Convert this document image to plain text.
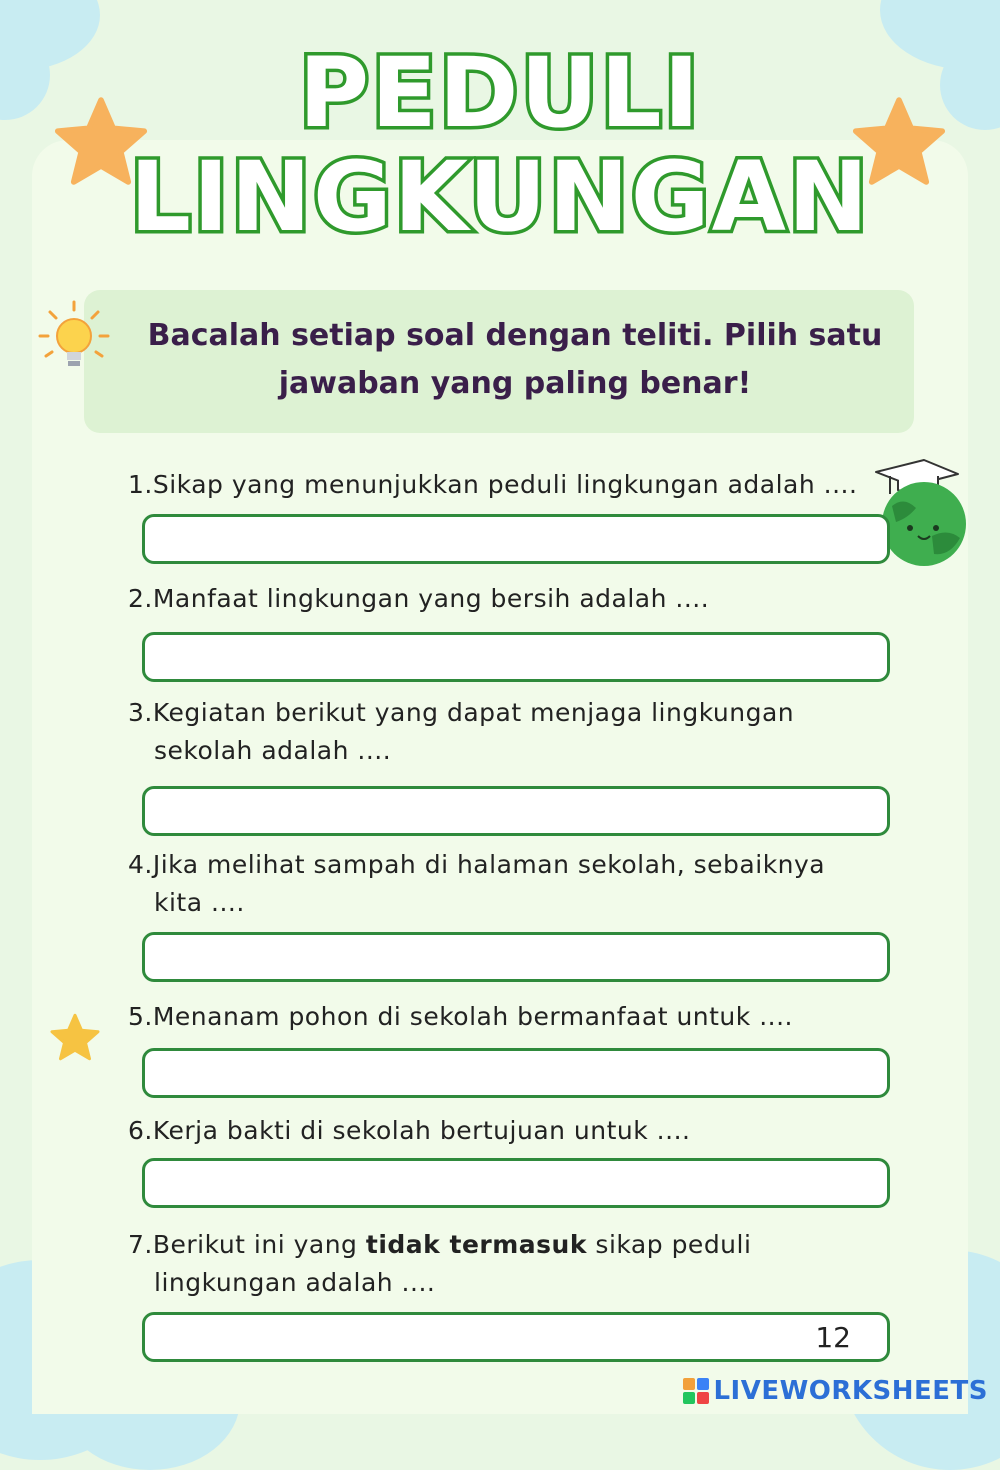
PEDULI
LINGKUNGAN
Bacalah setiap soal dengan teliti. Pilih satu jawaban yang paling benar!
1.Sikap yang menunjukkan peduli lingkungan adalah ....
2.Manfaat lingkungan yang bersih adalah ....
3.Kegiatan berikut yang dapat menjaga lingkungan
sekolah adalah ....
4.Jika melihat sampah di halaman sekolah, sebaiknya
kita ....
5.Menanam pohon di sekolah bermanfaat untuk ....
6.Kerja bakti di sekolah bertujuan untuk ....
7.Berikut ini yang tidak termasuk sikap peduli
lingkungan adalah ....
12
LIVEWORKSHEETS
